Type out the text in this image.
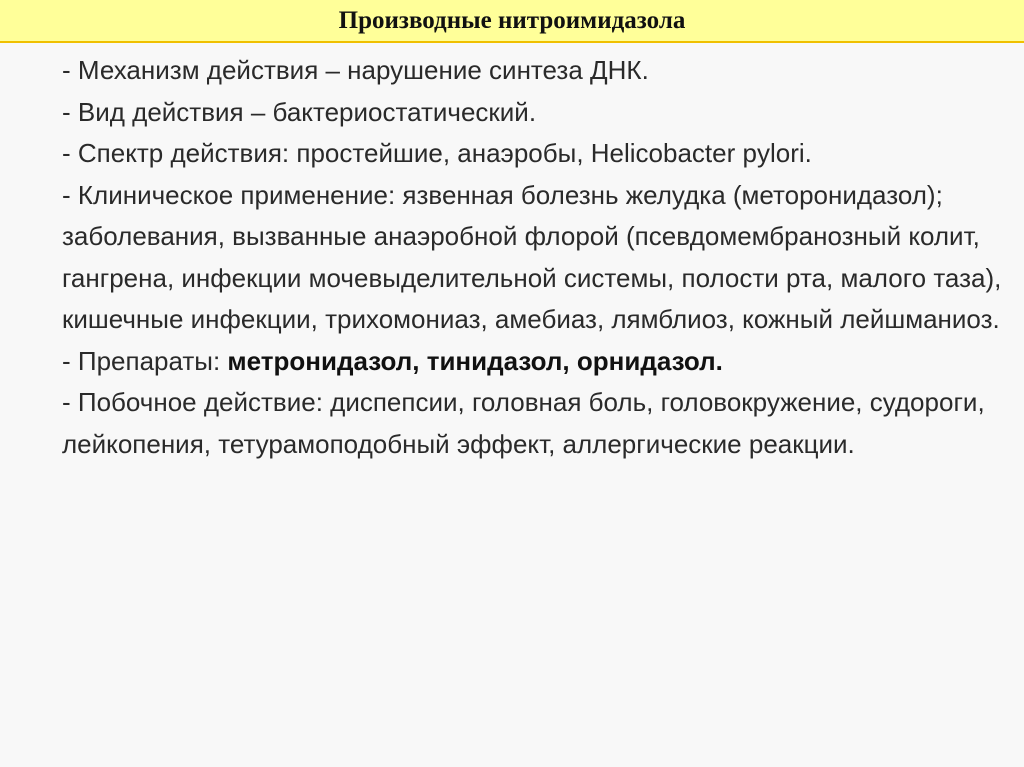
Производные нитроимидазола

- Механизм действия – нарушение синтеза ДНК.

- Вид действия – бактериостатический.

- Спектр действия: простейшие, анаэробы, Helicobacter pylori.

- Клиническое применение: язвенная болезнь желудка (меторонидазол); заболевания, вызванные анаэробной флорой (псевдомембранозный колит, гангрена, инфекции мочевыделительной системы, полости рта, малого таза), кишечные инфекции, трихомониаз, амебиаз, лямблиоз, кожный лейшманиоз.

- Препараты: метронидазол, тинидазол, орнидазол.

- Побочное действие: диспепсии, головная боль, головокружение, судороги, лейкопения, тетурамоподобный эффект, аллергические реакции.
